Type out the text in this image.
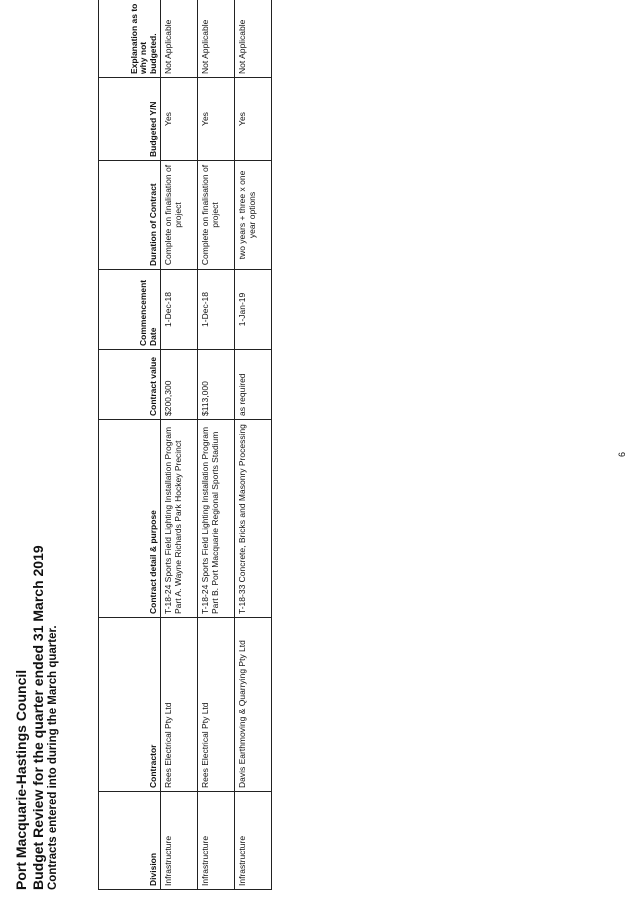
Port Macquarie-Hastings Council Budget Review for the quarter ended 31 March 2019 Contracts entered into during the March quarter.	Division	Contractor	Contract detail & purpose	Contract value	Commencement Date	Duration of Contract	Budgeted Y/N	Explanation as to why not budgeted.
Infrastructure	Rees Electrical Pty Ltd	T-18-24 Sports Field Lighting Installation Program Part A. Wayne Richards Park Hockey Precinct	$200,300	1-Dec-18	Complete on finalisation of project	Yes	Not Applicable
Infrastructure	Rees Electrical Pty Ltd	T-18-24 Sports Field Lighting Installation Program Part B. Port Macquarie Regional Sports Stadium	$113,000	1-Dec-18	Complete on finalisation of project	Yes	Not Applicable
Infrastructure	Davis Earthmoving & Quarrying Pty Ltd	T-18-33 Concrete, Bricks and Masonry Processing	as required	1-Jan-19	two years + three x one year options	Yes	Not Applicable
6
